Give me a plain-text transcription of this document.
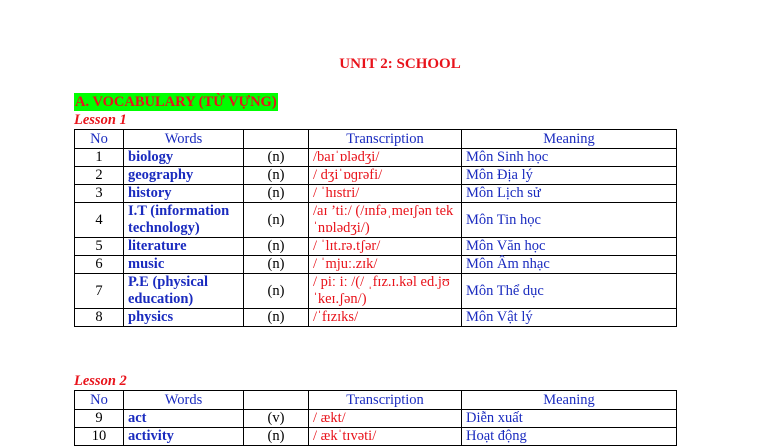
UNIT 2: SCHOOL
A. VOCABULARY (TỪ VỰNG)
Lesson 1
No	Words		Transcription	Meaning
1	biology	(n)	/baɪˈɒlədʒi/	Môn Sinh học
2	geography	(n)	/ dʒiˈɒɡrəfi/	Môn Địa lý
3	history	(n)	/ ˈhɪstri/	Môn Lịch sử
4	I.T (information technology)	(n)	/aɪ ’tiː/ (/ɪnfəˌmeɪʃən tekˈnɒlədʒi/)	Môn Tin học
5	literature	(n)	/ ˈlɪt.rə.tʃər/	Môn Văn học
6	music	(n)	/ ˈmjuː.zɪk/	Môn Âm nhạc
7	P.E (physical education)	(n)	/ piː iː /(/ ˌfɪz.ɪ.kəl ed.jʊˈkeɪ.ʃən/)	Môn Thể dục
8	physics	(n)	/ˈfɪzɪks/	Môn Vật lý
Lesson 2
No	Words		Transcription	Meaning
9	act	(v)	/ ækt/	Diễn xuất
10	activity	(n)	/ ækˈtɪvəti/	Hoạt động
